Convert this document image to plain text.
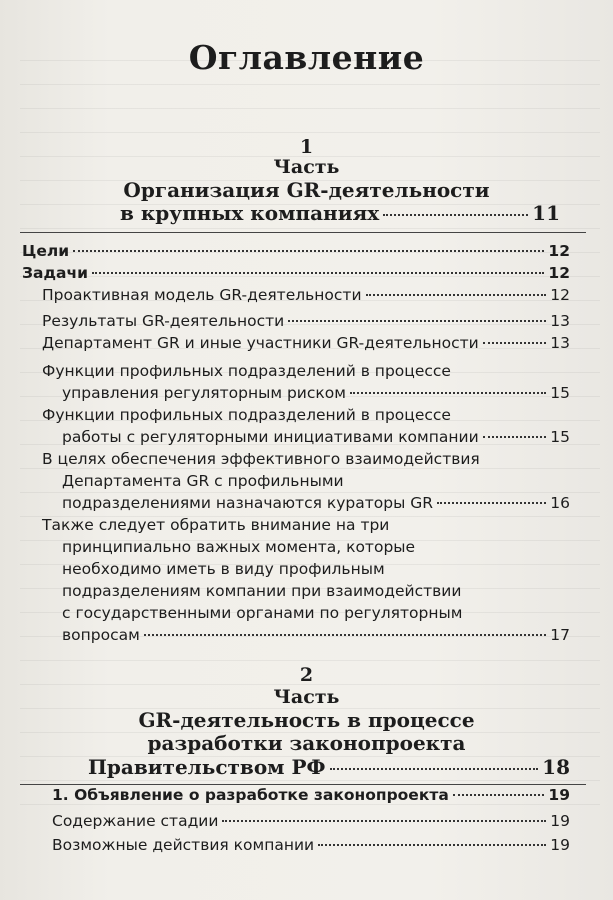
Оглавление
1
Часть
Организация GR-деятельности
в крупных компаниях	11
Цели	12
Задачи	12
Проактивная модель GR-деятельности	12
Результаты GR-деятельности	13
Департамент GR и иные участники GR-деятельности	13
Функции профильных подразделений в процессе
управления регуляторным риском	15
Функции профильных подразделений в процессе
работы с регуляторными инициативами компании	15
В целях обеспечения эффективного взаимодействия
Департамента GR с профильными
подразделениями назначаются кураторы GR	16
Также следует обратить внимание на три
принципиально важных момента, которые
необходимо иметь в виду профильным
подразделениям компании при взаимодействии
с государственными органами по регуляторным
вопросам	17
2
Часть
GR-деятельность в процессе
разработки законопроекта
Правительством РФ	18
1. Объявление о разработке законопроекта	19
Содержание стадии	19
Возможные действия компании	19
